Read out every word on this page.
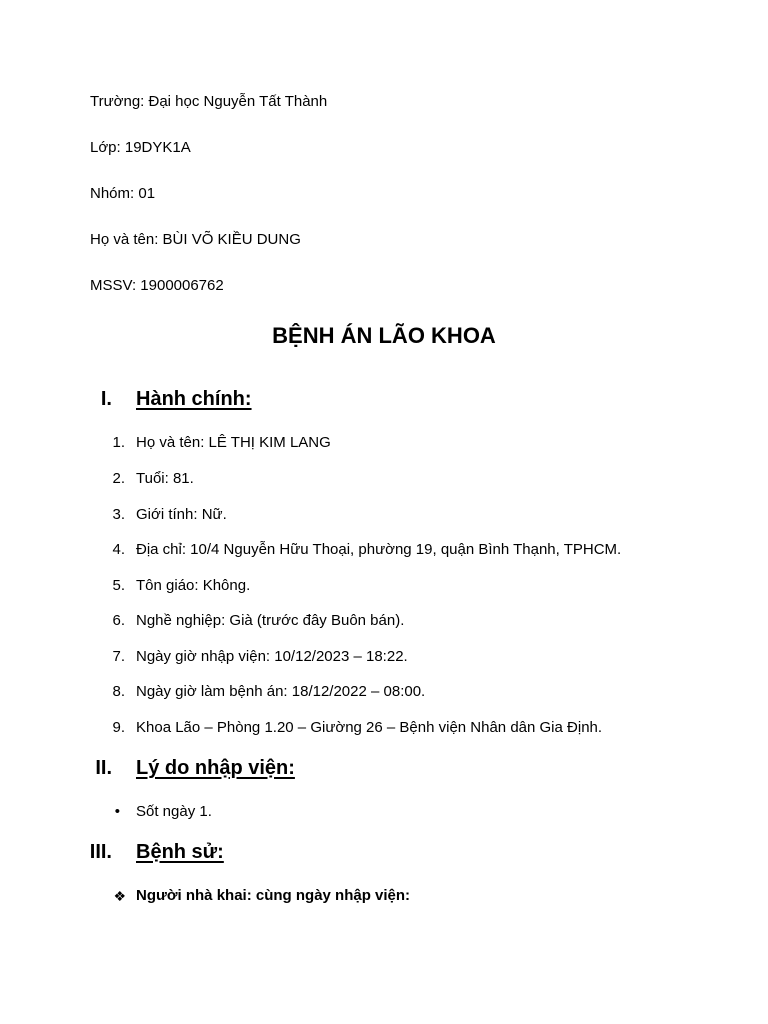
Trường: Đại học Nguyễn Tất Thành
Lớp: 19DYK1A
Nhóm: 01
Họ và tên: BÙI VÕ KIỀU DUNG
MSSV: 1900006762
BỆNH ÁN LÃO KHOA
I. Hành chính:
1. Họ và tên: LÊ THỊ KIM LANG
2. Tuổi: 81.
3. Giới tính: Nữ.
4. Địa chỉ: 10/4 Nguyễn Hữu Thoại, phường 19, quận Bình Thạnh, TPHCM.
5. Tôn giáo: Không.
6. Nghề nghiệp: Già (trước đây Buôn bán).
7. Ngày giờ nhập viện: 10/12/2023 – 18:22.
8. Ngày giờ làm bệnh án: 18/12/2022 – 08:00.
9. Khoa Lão – Phòng 1.20 – Giường 26 – Bệnh viện Nhân dân Gia Định.
II. Lý do nhập viện:
• Sốt ngày 1.
III. Bệnh sử:
❖ Người nhà khai: cùng ngày nhập viện:
